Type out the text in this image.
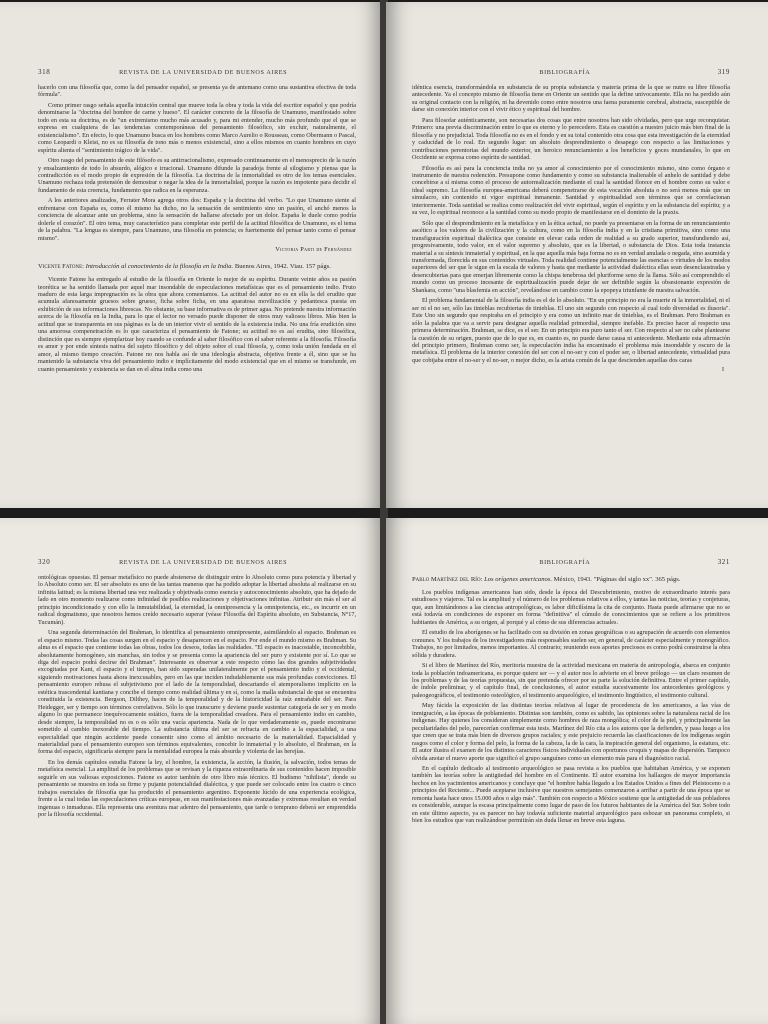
318	REVISTA DE LA UNIVERSIDAD DE BUENOS AIRES

hacerlo con una filosofía que, como la del pensador español, se presenta ya de antemano como una sustantiva efectiva de toda fórmula".

Como primer rasgo señala aquella intuición central que mueve toda la obra y toda la vida del escritor español y que podría denominarse la "doctrina del hombre de carne y hueso". El carácter concreto de la filosofía de Unamuno, manifestado sobre todo en esta su doctrina, es de "un extremismo mucho más acusado y, para mi entender, mucho más profundo que el que se expresa en cualquiera de las tendencias contemporáneas del pensamiento filosófico, sin excluir, naturalmente, el existencialismo". En efecto, lo que Unamuno busca en los hombres como Marco Aurelio o Rousseau, como Obermann o Pascal, como Leopardi o Kleist, no es su filosofía de tono más o menos existencial, sino a ellos mismos en cuanto hombres en cuyo espíritu alienta el "sentimiento trágico de la vida".

Otro rasgo del pensamiento de este filósofo es su antirracionalismo, expresado continuamente en el menosprecio de la razón y ensalzamiento de todo lo absurdo, alógico e irracional. Unamuno difunde la paradoja frente al silogismo y piensa que la contradicción es el modo propio de expresión de la filosofía. La doctrina de la inmortalidad es otro de los temas esenciales. Unamuno rechaza toda pretensión de demostrar o negar la idea de la inmortalidad, porque la razón es impotente para decidir el fundamento de esta creencia, fundamento que radica en la esperanza.

A los anteriores analizados, Ferrater Mora agrega otros dos: España y la doctrina del verbo. "Lo que Unamuno siente al enfrentarse con España es, como él mismo ha dicho, no la sensación de sentimiento sino un pasión, el anchó menos la conciencia de alcanzar ante un problema, sino la sensación de hallarse afectado por un dolor. España le duele como podría dolerle el corazón". El otro tema, muy característico para completar este perfil de la actitud filosófica de Unamuno, es el tema de la palabra. "La lengua es siempre, para Unamuno, una filosofía en potencia; es fuertemente del pensar tanto como el pensar mismo".

Victoria Parti de Fernández

Vicente Fatone: Introducción al conocimiento de la filosofía en la India. Buenos Aires, 1942. Viau. 157 págs.

Vicente Fatone ha entregado al estudio de la filosofía en Oriente lo mejor de su espíritu. Durante veinte años su pasión teorética se ha sentido llamada por aquel mar insondable de especulaciones metafísicas que es el pensamiento indio. Fruto maduro de esta larga impregnación es la obra que ahora comentamos. La actitud del autor no es en ella la del erudito que acumula afanosamente gruesos sobre grueso, ficha sobre ficha, en una aparatosa movilización y pedantesca puesta en exhibición de sus informaciones librescas. No obstante, su base informativa es de primer agua. No pretende nuestra información acerca de la filosofía en la India, para lo que el lector no versado puede disponer de otros muy valiosos libros. Más bien la actitud que se transparenta en sus páginas es la de un interior vivir el sentido de la existencia india. No una fría erudición sino una amorosa compenetración es lo que caracteriza el pensamiento de Fatone; su actitud no es así erudita, sino filosófica, distinción que es siempre ejemplarizar hoy cuando se confunde al saber filosófico con el saber referente a la filosofía. Filosofía es amor y por ende síntesis nativa del sujeto filosófico y del objeto sobre el cual filosofa, y, como toda unión fundada en el amor, al mismo tiempo creación. Fatone no nos habla así de una ideología abstracta, objetiva frente a él, sino que se ha mantenido la substancia viva del pensamiento indio e implícitamente del modo existencial que en el mismo se transfunde, en cuanto pensamiento y existencia se dan en el alma india como una

BIBLIOGRAFÍA	319

idéntica esencia, transformándola en substancia de su propia substancia y materia prima de la que se nutre su libre filosofía antecedente. Ya el concepto mismo de filosofía tiene en Oriente un sentido que la define univocamente. Ella no ha perdido aún su original contacto con la religión, ni ha devenido como entre nosotros una faena puramente cerebral, abstracta, susceptible de darse sin conexión interior con el vivir ético y espiritual del hombre.

Para filosofar auténticamente, son necesarias dos cosas que entre nosotros han sido olvidadas, pero que urge reconquistar. Primero: una previa discriminación entre lo que es eterno y lo perecedero. Esta es cuestión a nuestro juicio más bien final de la filosofía y no prejudicial. Toda filosofía no es en el fondo y en su total contenido otra cosa que esta investigación de la eternidad y caducidad de lo real. En segundo lugar: un absoluto desprendimiento o desapego con respecto a las limitaciones y contribuciones perentorias del mundo exterior, un heroico renunciamiento a los beneficios y goces mundanales, lo que en Occidente se expresa como espíritu de santidad.

Filosofía es así para la conciencia india no ya amor al conocimiento por el conocimiento mismo, sino como órgano e instrumento de nuestra redención. Presupone como fundamento y como su substancia inalienable el anhelo de santidad y debe concebirse a sí misma como el proceso de autorrealización mediante el cual la santidad florece en el hombre como su valor e ideal supremo. La filosofía europea-americana deberá compenetrarse de esta vocación absoluta o no será menos más que un simulacro, sin contenido ni vigor espiritual inmanente. Santidad y espiritualidad son términos que se correlacionan interiormente. Toda santidad se realiza como realización del vivir espiritual, según el espíritu y en la substancia del espíritu; y a su vez, lo espiritual reconoce a la santidad como su modo propio de manifestarse en el dominio de la praxis.

Sólo que el desprendimiento en la metafísica y en la ética actual, no puede ya presentarse en la forma de un renunciamiento ascético a los valores de la civilización y la cultura, como en la filosofía india y en la cristiana primitiva, sino como una transfiguración espiritual dialéctica que consiste en elevar cada orden de realidad a su grado superior, transfundiendo así, progresivamente, todo valor, en el valor supremo y absoluto, que es la libertad, o substancia de Dios. Esta toda instancia material a su síntesis inmaterial y espiritual, en la que aquella más baja forma no es en verdad anulada o negada, sino asumida y transformada, florecida en sus contenidos virtuales. Toda realidad contiene potencialmente las esencias o virtudes de los modos superiores del ser que le sigue en la escala de valores y hasta que mediante la actividad dialéctica ellas sean desenclaustradas y desencubiertas para que emerjan libremente como la chispa tenebrosa del pluriforme seno de la llama. Sólo así comprendido el mundo como un proceso incesante de espiritualización puede dejar de ser definible según la obsesionante expresión de Shankara, como "una blasfemia en acción", revelándose en cambio como la epopeya triunfante de nuestra salvación.

El problema fundamental de la filosofía india es el de lo absoluto. "En un principio no era la muerte ni la inmortalidad, ni el ser ni el no ser, sólo las tinieblas recubiertas de tinieblas. El uno sin segundo con respecto al cual todo diversidad es ilusoria". Este Uno sin segundo que respiraba en el principio y era como un infinito mar de tinieblas, es el Brahman. Pero Brahman es sólo la palabra que va a servir para designar aquella realidad primordial, siempre inefable. Es preciso hacer al respecto una primera determinación. Brahman, se dice, es el ser. En un principio era puro tanto el ser. Con respecto al ser no cabe plantearse la cuestión de su origen, puesto que de lo que es, en cuanto es, no puede darse causa ni antecedente. Mediante esta afirmación del principio primero, Brahman como ser, la especulación india ha encaminado el problema más insondable y oscuro de la metafísica. El problema de la interior conexión del ser con el no-ser y con el poder ser, o libertad antecedente, virtualidad pura que cobijaba entre el no-ser y el no-ser, o mejor dicho, es la arista común de la que descienden aquellas dos caras

I
320	REVISTA DE LA UNIVERSIDAD DE BUENOS AIRES

ontológicas opuestas. El pensar metafísico no puede abstenerse de distinguir entre lo Absoluto como pura potencia y libertad y lo Absoluto como ser. El ser absoluto es uno de las tantas maneras que ha podido adoptar la libertad absoluta al realizarse en su infinita latitud; es la misma libertad una vez realizada y objetivada como esencia y autoconocimiento absoluto, que ha dejado de lado en otro momento realizarse como infinidad de posibles realizaciones y objetivaciones infinitas. Atribuir sin más el ser al principio incondicionado y con ello la inmutabilidad, la eternidad, la omnipresencia y la omnipotencia, etc., es incurrir en un radical dogmatismo, que nosotros hemos creído necesario superar (véase Filosofía del Espíritu absoluto, en Substancia, N°17, Tucumán).

Una segunda determinación del Brahman, lo identifica al pensamiento omnipresente, asimilándolo al espacio. Brahman es el espacio mismo. Todas las cosas surgen en el espacio y desaparecen en el espacio. Por ende el mundo mismo es Brahman. Su alma es el espacio que contiene todas las obras, todos los deseos, todas las realidades. "El espacio es inacostable, inconcebible, absolutamente homogéneo, sin manchas, sin todos y se presenta como la apariencia del ser puro y existente por sí. Lo que se diga del espacio podrá decirse del Brahman". Interesante es observar a este respecto cómo las dos grandes subjetividades excogitadas por Kant, el espacio y el tiempo, han sido superadas unilateralmente por el pensamiento indio y el occidental, siguiendo motivaciones hasta ahora inexcusables, pero en las que inciden indudablemente sus más profundas convicciones. El pensamiento europeo rehusa el subjetivismo por el lado de la temporalidad, descartando el atemporalismo implícito en la estética trascendental kantiana y concibe el tiempo como realidad última y en sí, como la malla substancial de que se encuentra constituida la existencia. Bergson, Dilthey, hacen de la temporalidad y de la historicidad la raíz entrañable del ser. Para Heidegger, ser y tiempo son términos correlativos. Sólo lo que transcurre y deviene puede sustentar categoría de ser y en modo alguno lo que permanece inequívocamente estático, fuera de la temporalidad creadora. Para el pensamiento indio en cambio, desde siempre, la temporalidad no es o es sólo una vacía apariencia. Nada de lo que verdaderamente es, puede encontrarse sometido al cambio inexorable del tiempo. La substancia última del ser se refracta en cambio a la espacialidad, a una especialidad que ningún accidente puede consentir sino como el ámbito necesario de la materialidad. Espacialidad y materialidad para el pensamiento europeo son términos equivalentes, concebir lo inmaterial y lo absoluto, el Brahman, en la forma del espacio, significaría siempre para la mentalidad europea la más absurda y violenta de las herejías.

En los demás capítulos estudia Fatone la ley, el hombre, la existencia, la acción, la ilusión, la salvación, todos temas de metafísica esencial. La amplitud de los problemas que se revisan y la riqueza extraordinaria de sus contenidos hacen imposible seguirle en sus valiosas exposiciones. Fatone es autor también de otro libro más técnico. El budismo "nihilista", donde su pensamiento se muestra en toda su firme y pujante potencialidad dialéctica, y que puede ser colocado entre los cuatro o cinco trabajos esenciales de filosofía que ha producido el pensamiento argentino. Exponente lúcido de una experiencia ecológica, frente a la cual todas las especulaciones críticas europeas, en sus manifestaciones más avanzadas y extremas resultan en verdad ingenuas o inmaduras. Ella representa una aventura mar adentro del pensamiento, que tarde o temprano deberá ser emprendida por la filosofía occidental.

BIBLIOGRAFÍA	321

Pablo Martínez del Río: Los orígenes americanos. México, 1943. "Páginas del siglo xx". 365 págs.

Los pueblos indígenas americanos han sido, desde la época del Descubrimiento, motivo de extraordinario interés para estudiosos y viajeros. Tal es la amplitud y el número de los problemas relativos a ellos, y tantas las noticias, teorías y conjeturas, que, aun limitándonos a las ciencias antropológicas, es labor dificilísima la cita de conjunto. Hasta puede afirmarse que no se está todavía en condiciones de exponer en forma "definitiva" el cúmulo de conocimientos que se refiere a los primitivos habitantes de América, a su origen, al porqué y al cómo de sus diferencias actuales.

El estudio de los aborígenes se ha facilitado con su división en zonas geográficas o su agrupación de acuerdo con elementos comunes. Y los trabajos de los investigadores más responsables suelen ser, en general, de carácter especialmente y monográfico. Trabajos, no por limitados, menos importantes. Al contrario; reuniendo esos aportes preciosos es como podrá construirse la obra sólida y duradera.

Si el libro de Martínez del Río, meritoria muestra de la actividad mexicana en materia de antropología, abarca en conjunto toda la población indoamericana, es porque quiere ser — y el autor nos lo advierte en el breve prólogo — un claro resumen de los problemas y de las teorías propuestas, sin que pretenda ofrecer por su parte la solución definitiva. Entre el primer capítulo, de índole preliminar, y el capítulo final, de conclusiones, el autor estudia sucesivamente los antecedentes geológicos y paleogeográficos, el testimonio osteológico, el testimonio arqueológico, el testimonio lingüístico, el testimonio cultural.

Muy fácida la exposición de las distintas teorías relativas al lugar de procedencia de los americanos, a las vías de inmigración, a las épocas de poblamiento. Distintas son también, como es sabido, las opiniones sobre la naturaleza racial de los indígenas. Hay quienes los consideran simplemente como hombres de raza mongólica; el color de la piel, y principalmente las peculiaridades del pelo, parecerían confirmar esta tesis. Martínez del Río cita a los autores que la defienden, y pasa luego a los que creen que se trata más bien de diversos grupos raciales; y este prejuicio recuerda las clasificaciones de los indígenas según rasgos como el color y forma del pelo, la forma de la cabeza, la de la cara, la inspiración general del organismo, la estatura, etc. El autor ilustra el examen de los distintos caracteres físicos individuales con oportunos croquis y mapas de dispersión. Tampoco olvida anotar el nuevo aporte que significó el grupo sanguíneo como un elemento más para el diagnóstico racial.

En el capítulo dedicado al testimonio arqueológico se pasa revista a los pueblos que habitaban América, y se exponen también las teorías sobre la antigüedad del hombre en el Continente. El autor examina los hallazgos de mayor importancia hechos en los yacimientos americanos y concluye que "el hombre había llegado a los Estados Unidos a fines del Pleistoceno o a principios del Reciente... Puede aceptarse inclusive que nuestros semejantes comenzaron a arribar a partir de una época que se remonta hasta hace unos 15.000 años o algo más". También con respecto a México sostiene que la antigüedad de sus pobladores es considerable, aunque la escasa principalmente como lugar de paso de los futuros habitantes de la América del Sur. Sobre todo en este último aspecto, ya es parecer no hay todavía suficiente material arqueológico para esbozar un panorama completo, si bien los estudios que van realizándose permitirán sin duda llenar en breve esta laguna.
